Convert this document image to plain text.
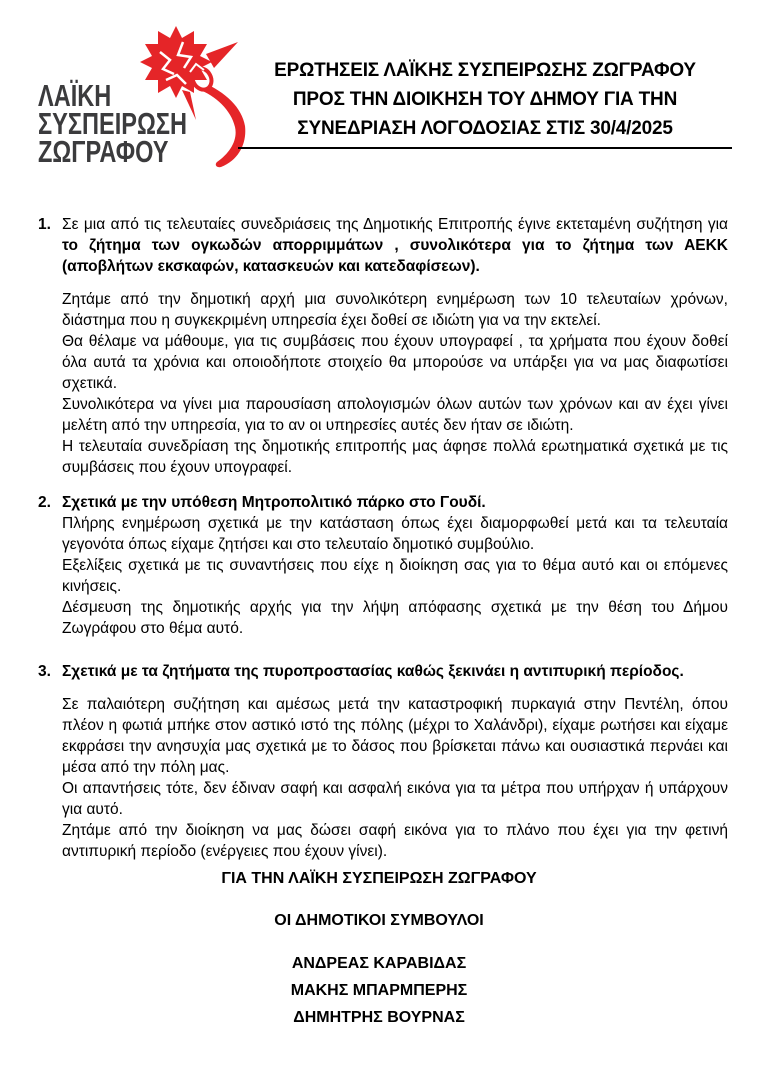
ΛΑΪΚΗ
ΣΥΣΠΕΙΡΩΣΗ
ΖΩΓΡΑΦΟΥ
ΕΡΩΤΗΣΕΙΣ ΛΑΪΚΗΣ ΣΥΣΠΕΙΡΩΣΗΣ ΖΩΓΡΑΦΟΥ
ΠΡΟΣ ΤΗΝ ΔΙΟΙΚΗΣΗ ΤΟΥ ΔΗΜΟΥ ΓΙΑ ΤΗΝ
ΣΥΝΕΔΡΙΑΣΗ ΛΟΓΟΔΟΣΙΑΣ ΣΤΙΣ 30/4/2025
1. Σε μια από τις τελευταίες συνεδριάσεις της Δημοτικής Επιτροπής έγινε εκτεταμένη συζήτηση για το ζήτημα των ογκωδών απορριμμάτων , συνολικότερα για το ζήτημα των ΑΕΚΚ (αποβλήτων εκσκαφών, κατασκευών και κατεδαφίσεων).

Ζητάμε από την δημοτική αρχή μια συνολικότερη ενημέρωση των 10 τελευταίων χρόνων, διάστημα που η συγκεκριμένη υπηρεσία έχει δοθεί σε ιδιώτη για να την εκτελεί.

Θα θέλαμε να μάθουμε, για τις συμβάσεις που έχουν υπογραφεί , τα χρήματα που έχουν δοθεί όλα αυτά τα χρόνια και οποιοδήποτε στοιχείο θα μπορούσε να υπάρξει για να μας διαφωτίσει σχετικά.

Συνολικότερα να γίνει μια παρουσίαση απολογισμών όλων αυτών των χρόνων και αν έχει γίνει μελέτη από την υπηρεσία, για το αν οι υπηρεσίες αυτές δεν ήταν σε ιδιώτη.

Η τελευταία συνεδρίαση της δημοτικής επιτροπής μας άφησε πολλά ερωτηματικά σχετικά με τις συμβάσεις που έχουν υπογραφεί.

2. Σχετικά με την υπόθεση Μητροπολιτικό πάρκο στο Γουδί.

Πλήρης ενημέρωση σχετικά με την κατάσταση όπως έχει διαμορφωθεί μετά και τα τελευταία γεγονότα όπως είχαμε ζητήσει και στο τελευταίο δημοτικό συμβούλιο.

Εξελίξεις σχετικά με τις συναντήσεις που είχε η διοίκηση σας για το θέμα αυτό και οι επόμενες κινήσεις.

Δέσμευση της δημοτικής αρχής για την λήψη απόφασης σχετικά με την θέση του Δήμου Ζωγράφου στο θέμα αυτό.

3. Σχετικά με τα ζητήματα της πυροπροστασίας καθώς ξεκινάει η αντιπυρική περίοδος.

Σε παλαιότερη συζήτηση και αμέσως μετά την καταστροφική πυρκαγιά στην Πεντέλη, όπου πλέον η φωτιά μπήκε στον αστικό ιστό της πόλης (μέχρι το Χαλάνδρι), είχαμε ρωτήσει και είχαμε εκφράσει την ανησυχία μας σχετικά με το δάσος που βρίσκεται πάνω και ουσιαστικά περνάει και μέσα από την πόλη μας.

Οι απαντήσεις τότε, δεν έδιναν σαφή και ασφαλή εικόνα για τα μέτρα που υπήρχαν ή υπάρχουν για αυτό.

Ζητάμε από την διοίκηση να μας δώσει σαφή εικόνα για το πλάνο που έχει για την φετινή αντιπυρική περίοδο (ενέργειες που έχουν γίνει).

ΓΙΑ ΤΗΝ ΛΑΪΚΗ ΣΥΣΠΕΙΡΩΣΗ ΖΩΓΡΑΦΟΥ
ΟΙ ΔΗΜΟΤΙΚΟΙ ΣΥΜΒΟΥΛΟΙ
ΑΝΔΡΕΑΣ ΚΑΡΑΒΙΔΑΣ
ΜΑΚΗΣ ΜΠΑΡΜΠΕΡΗΣ
ΔΗΜΗΤΡΗΣ ΒΟΥΡΝΑΣ
